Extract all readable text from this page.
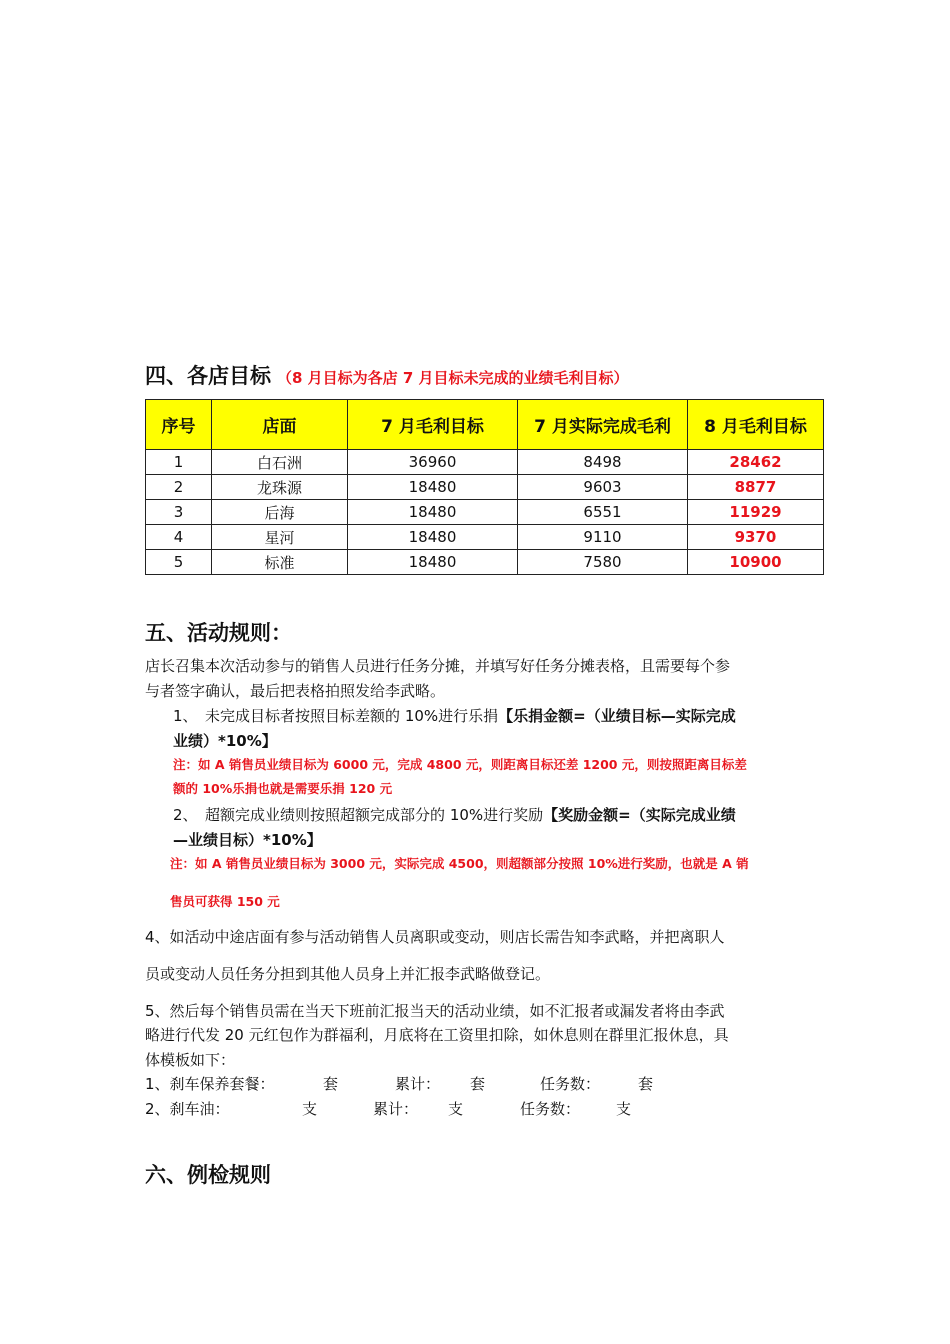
四、各店目标 （8 月目标为各店 7 月目标未完成的业绩毛利目标）
序号	店面	7 月毛利目标	7 月实际完成毛利	8 月毛利目标
1	白石洲	36960	8498	28462
2	龙珠源	18480	9603	8877
3	后海	18480	6551	11929
4	星河	18480	9110	9370
5	标准	18480	7580	10900
五、活动规则：
店长召集本次活动参与的销售人员进行任务分摊，并填写好任务分摊表格，且需要每个参
与者签字确认，最后把表格拍照发给李武略。
1、　未完成目标者按照目标差额的 10%进行乐捐【乐捐金额=（业绩目标—实际完成
业绩）*10%】
注：如 A 销售员业绩目标为 6000 元，完成 4800 元，则距离目标还差 1200 元，则按照距离目标差
额的 10%乐捐也就是需要乐捐 120 元
2、　超额完成业绩则按照超额完成部分的 10%进行奖励【奖励金额=（实际完成业绩
—业绩目标）*10%】
注：如 A 销售员业绩目标为 3000 元，实际完成 4500，则超额部分按照 10%进行奖励，也就是 A 销
售员可获得 150 元
4、如活动中途店面有参与活动销售人员离职或变动，则店长需告知李武略，并把离职人
员或变动人员任务分担到其他人员身上并汇报李武略做登记。
5、然后每个销售员需在当天下班前汇报当天的活动业绩，如不汇报者或漏发者将由李武
略进行代发 20 元红包作为群福利，月底将在工资里扣除，如休息则在群里汇报休息，具
体模板如下：
1、刹车保养套餐：	套	累计： 套	任务数：	套
2、刹车油：	支	累计： 支	任务数： 支
六、例检规则
